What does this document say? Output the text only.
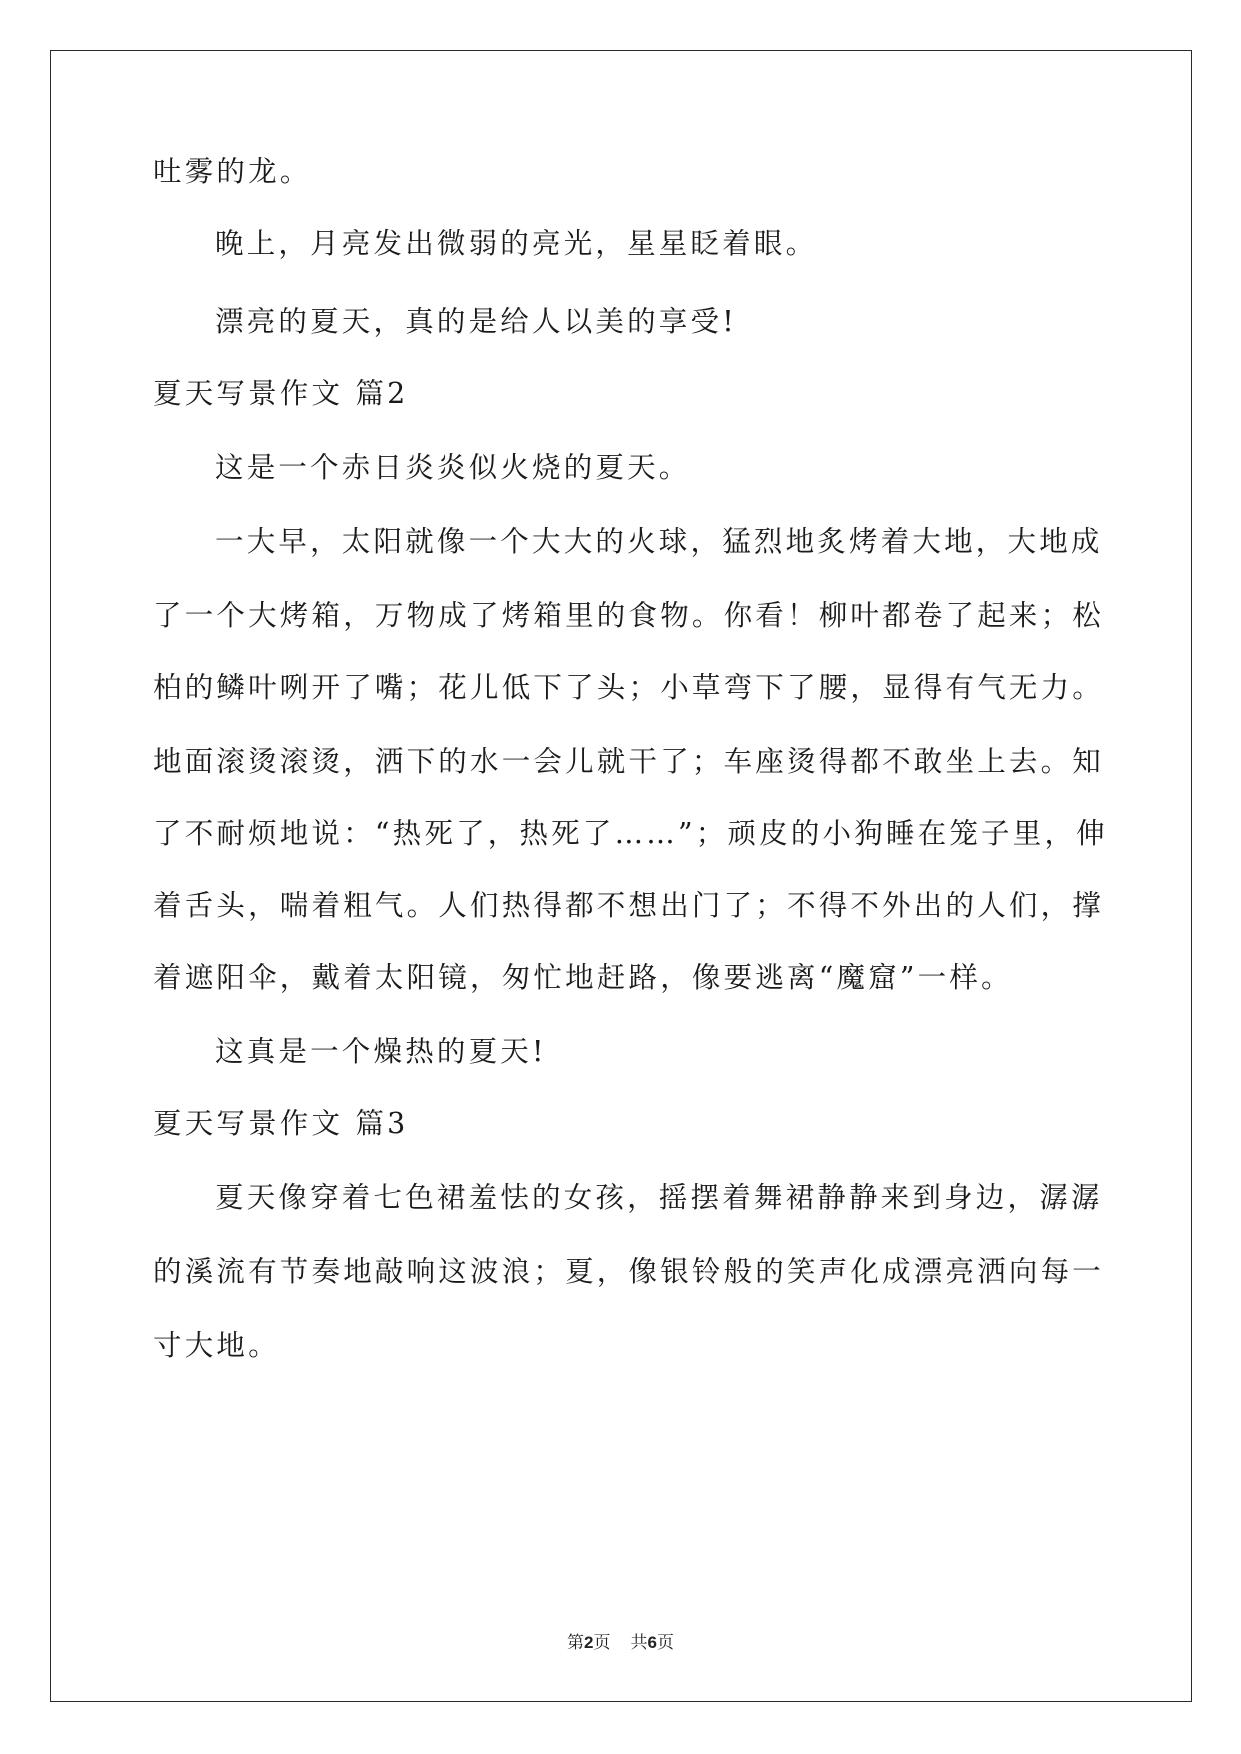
吐雾的龙。
晚上，月亮发出微弱的亮光，星星眨着眼。
漂亮的夏天，真的是给人以美的享受!
夏天写景作文 篇2
这是一个赤日炎炎似火烧的夏天。
一大早，太阳就像一个大大的火球，猛烈地炙烤着大地，大地成
了一个大烤箱，万物成了烤箱里的食物。你看！柳叶都卷了起来；松
柏的鳞叶咧开了嘴；花儿低下了头；小草弯下了腰，显得有气无力。
地面滚烫滚烫，洒下的水一会儿就干了；车座烫得都不敢坐上去。知
了不耐烦地说：“热死了，热死了……”；顽皮的小狗睡在笼子里，伸
着舌头，喘着粗气。人们热得都不想出门了；不得不外出的人们，撑
着遮阳伞，戴着太阳镜，匆忙地赶路，像要逃离“魔窟”一样。
这真是一个燥热的夏天!
夏天写景作文 篇3
夏天像穿着七色裙羞怯的女孩，摇摆着舞裙静静来到身边，潺潺
的溪流有节奏地敲响这波浪；夏，像银铃般的笑声化成漂亮洒向每一
寸大地。
第2页 共6页
